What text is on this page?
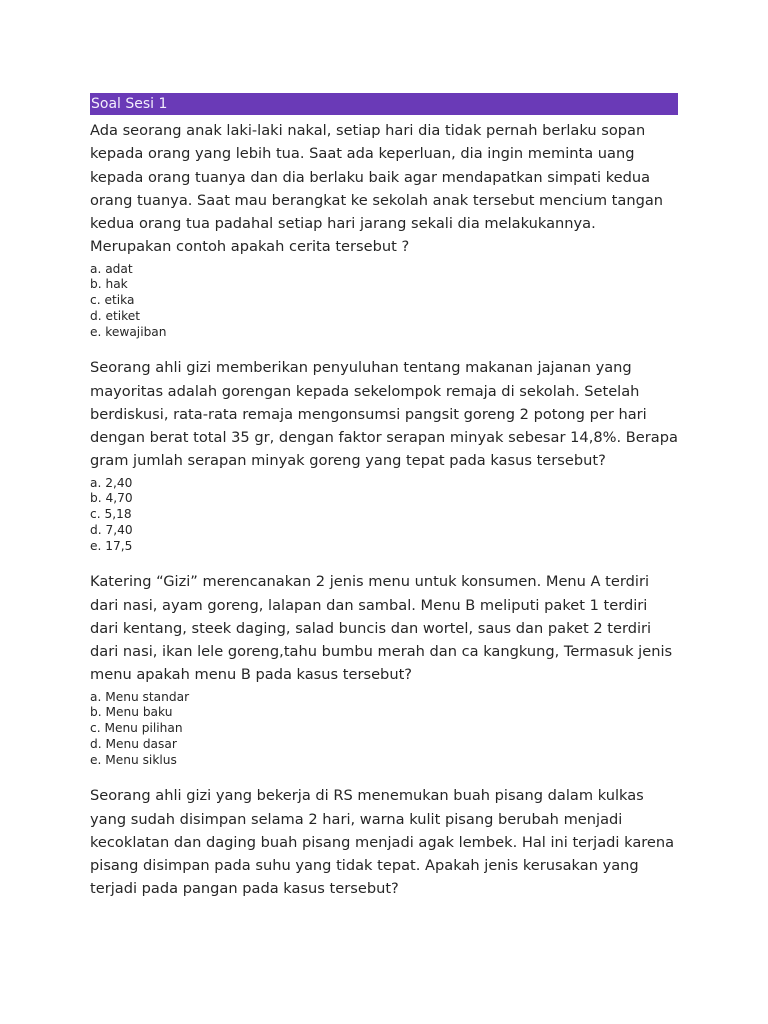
Soal Sesi 1

Ada seorang anak laki-laki nakal, setiap hari dia tidak pernah berlaku sopan kepada orang yang lebih tua. Saat ada keperluan, dia ingin meminta uang kepada orang tuanya dan dia berlaku baik agar mendapatkan simpati kedua orang tuanya. Saat mau berangkat ke sekolah anak tersebut mencium tangan kedua orang tua padahal setiap hari jarang sekali dia melakukannya. Merupakan contoh apakah cerita tersebut ?

a. adat
b. hak
c. etika
d. etiket
e. kewajiban

Seorang ahli gizi memberikan penyuluhan tentang makanan jajanan yang mayoritas adalah gorengan kepada sekelompok remaja di sekolah. Setelah berdiskusi, rata-rata remaja mengonsumsi pangsit goreng 2 potong per hari dengan berat total 35 gr, dengan faktor serapan minyak sebesar 14,8%. Berapa gram jumlah serapan minyak goreng yang tepat pada kasus tersebut?

a. 2,40
b. 4,70
c. 5,18
d. 7,40
e. 17,5

Katering “Gizi” merencanakan 2 jenis menu untuk konsumen. Menu A terdiri dari nasi, ayam goreng, lalapan dan sambal. Menu B meliputi paket 1 terdiri dari kentang, steek daging, salad buncis dan wortel, saus dan paket 2 terdiri dari nasi, ikan lele goreng,tahu bumbu merah dan ca kangkung, Termasuk jenis menu apakah menu B pada kasus tersebut?

a. Menu standar
b. Menu baku
c. Menu pilihan
d. Menu dasar
e. Menu siklus

Seorang ahli gizi yang bekerja di RS menemukan buah pisang dalam kulkas yang sudah disimpan selama 2 hari, warna kulit pisang berubah menjadi kecoklatan dan daging buah pisang menjadi agak lembek. Hal ini terjadi karena pisang disimpan pada suhu yang tidak tepat. Apakah jenis kerusakan yang terjadi pada pangan pada kasus tersebut?
